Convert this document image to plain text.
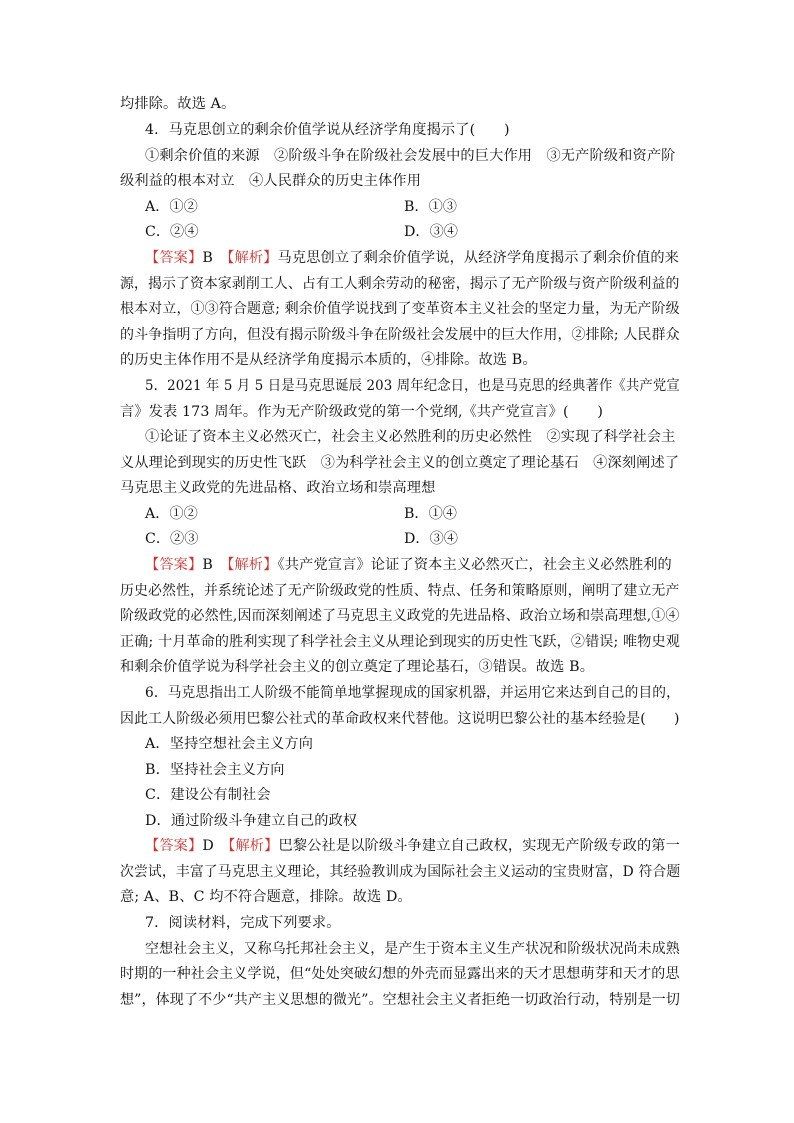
均排除。故选 A。
4．马克思创立的剩余价值学说从经济学角度揭示了(　　)
①剩余价值的来源　②阶级斗争在阶级社会发展中的巨大作用　③无产阶级和资产阶
级利益的根本对立　④人民群众的历史主体作用
A．①②	B．①③
C．②④	D．③④
【答案】B　【解析】马克思创立了剩余价值学说，从经济学角度揭示了剩余价值的来
源，揭示了资本家剥削工人、占有工人剩余劳动的秘密，揭示了无产阶级与资产阶级利益的
根本对立，①③符合题意; 剩余价值学说找到了变革资本主义社会的坚定力量，为无产阶级
的斗争指明了方向，但没有揭示阶级斗争在阶级社会发展中的巨大作用，②排除; 人民群众
的历史主体作用不是从经济学角度揭示本质的，④排除。故选 B。
5．2021 年 5 月 5 日是马克思诞辰 203 周年纪念日，也是马克思的经典著作《共产党宣
言》发表 173 周年。作为无产阶级政党的第一个党纲,《共产党宣言》(　　)
①论证了资本主义必然灭亡，社会主义必然胜利的历史必然性　②实现了科学社会主
义从理论到现实的历史性飞跃　③为科学社会主义的创立奠定了理论基石　④深刻阐述了
马克思主义政党的先进品格、政治立场和崇高理想
A．①②	B．①④
C．②③	D．③④
【答案】B　【解析】《共产党宣言》论证了资本主义必然灭亡，社会主义必然胜利的
历史必然性，并系统论述了无产阶级政党的性质、特点、任务和策略原则，阐明了建立无产
阶级政党的必然性,因而深刻阐述了马克思主义政党的先进品格、政治立场和崇高理想,①④
正确; 十月革命的胜利实现了科学社会主义从理论到现实的历史性飞跃，②错误; 唯物史观
和剩余价值学说为科学社会主义的创立奠定了理论基石，③错误。故选 B。
6．马克思指出工人阶级不能简单地掌握现成的国家机器，并运用它来达到自己的目的，
因此工人阶级必须用巴黎公社式的革命政权来代替他。这说明巴黎公社的基本经验是(　　)
A．坚持空想社会主义方向
B．坚持社会主义方向
C．建设公有制社会
D．通过阶级斗争建立自己的政权
【答案】D　【解析】巴黎公社是以阶级斗争建立自己政权，实现无产阶级专政的第一
次尝试，丰富了马克思主义理论，其经验教训成为国际社会主义运动的宝贵财富，D 符合题
意; A、B、C 均不符合题意，排除。故选 D。
7．阅读材料，完成下列要求。
空想社会主义，又称乌托邦社会主义，是产生于资本主义生产状况和阶级状况尚未成熟
时期的一种社会主义学说，但“处处突破幻想的外壳而显露出来的天才思想萌芽和天才的思
想”，体现了不少“共产主义思想的微光”。空想社会主义者拒绝一切政治行动，特别是一切
